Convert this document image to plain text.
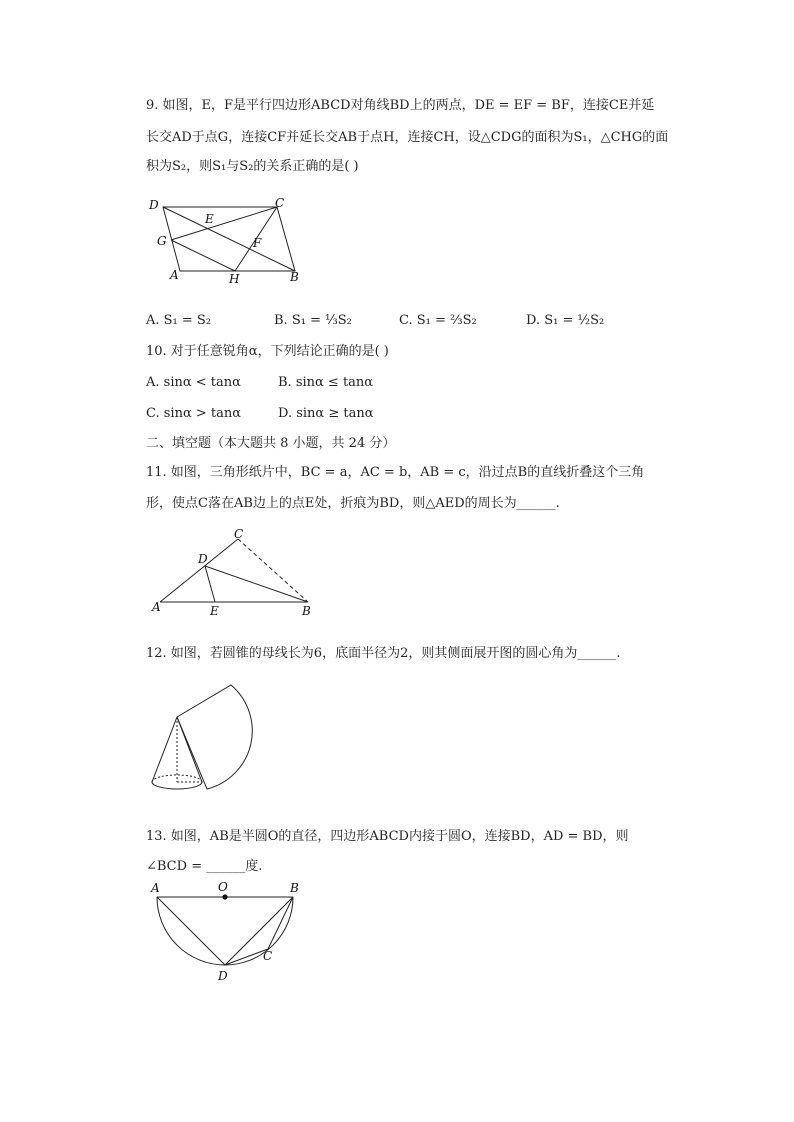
9. 如图，E，F是平行四边形ABCD对角线BD上的两点，DE = EF = BF，连接CE并延
长交AD于点G，连接CF并延长交AB于点H，连接CH，设△CDG的面积为S₁，△CHG的面
积为S₂，则S₁与S₂的关系正确的是( )
D	C
E
G	F
A	H	B
A. S₁ = S₂	B. S₁ = ⅓S₂	C. S₁ = ⅔S₂	D. S₁ = ½S₂
10. 对于任意锐角α，下列结论正确的是( )
A. sinα < tanα	B. sinα ≤ tanα
C. sinα > tanα	D. sinα ≥ tanα
二、填空题（本大题共 8 小题，共 24 分）
11. 如图，三角形纸片中，BC = a，AC = b，AB = c，沿过点B的直线折叠这个三角
形，使点C落在AB边上的点E处，折痕为BD，则△AED的周长为______.
C
D
A	E	B
12. 如图，若圆锥的母线长为6，底面半径为2，则其侧面展开图的圆心角为______.
13. 如图，AB是半圆O的直径，四边形ABCD内接于圆O，连接BD，AD = BD，则
∠BCD = ______度.
A	O	B
D
C
